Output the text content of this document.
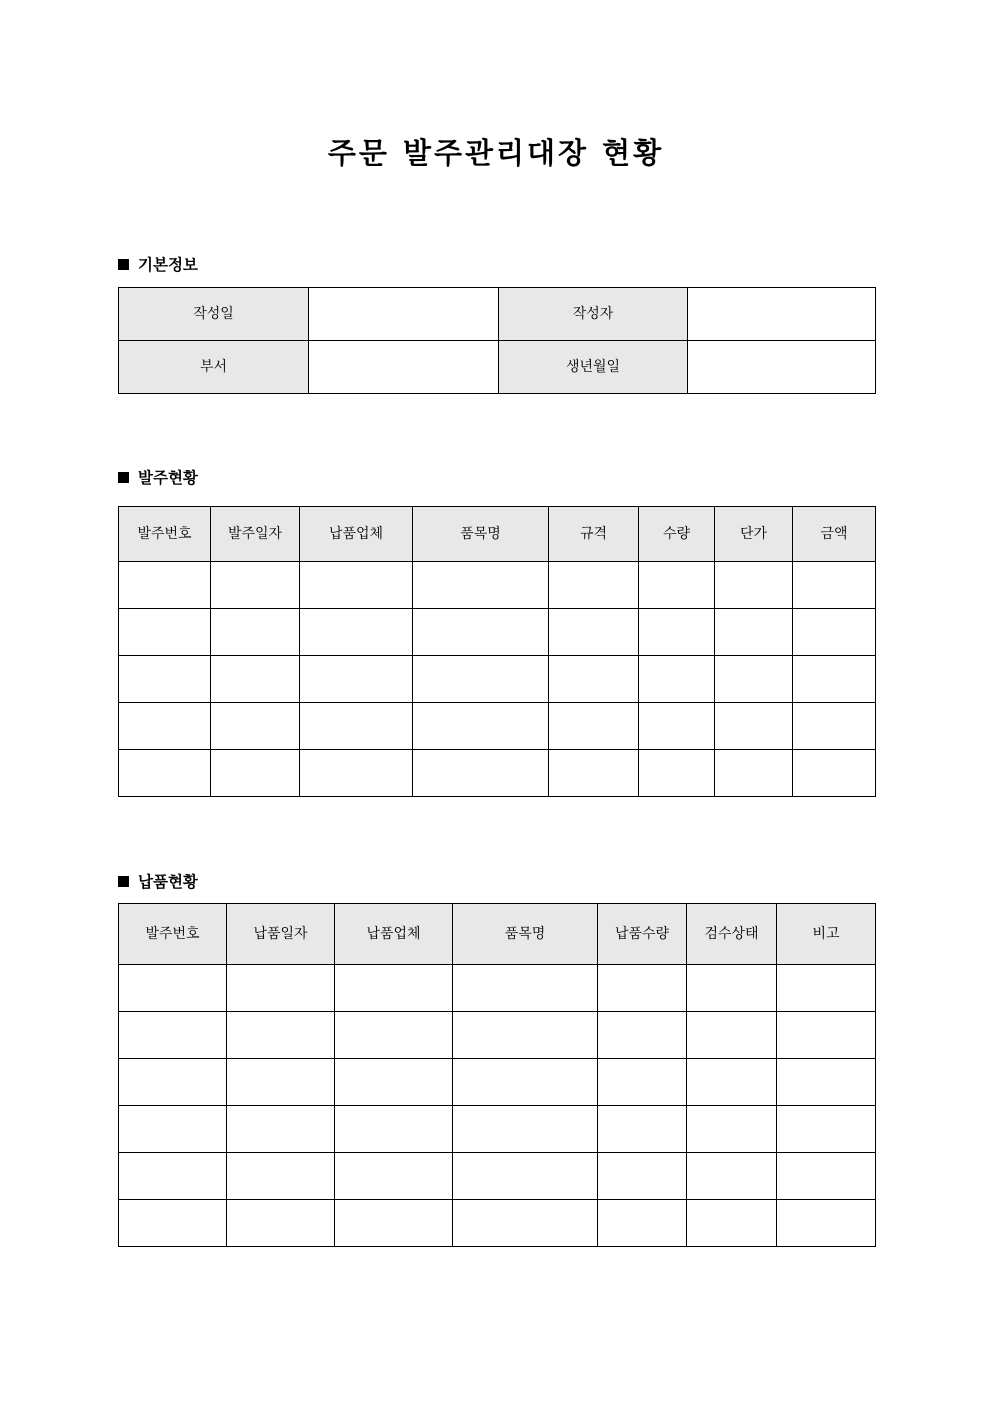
주문 발주관리대장 현황
기본정보
작성일		작성자	
부서		생년월일	
발주현황
발주번호	발주일자	납품업체	품목명	규격	수량	단가	금액

납품현황
발주번호	납품일자	납품업체	품목명	납품수량	검수상태	비고
